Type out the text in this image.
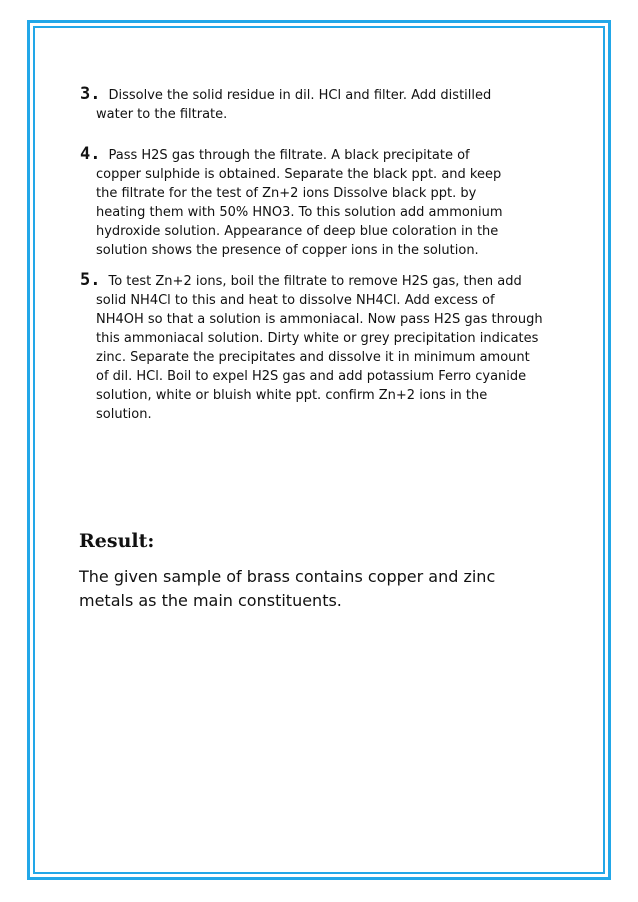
3. Dissolve the solid residue in dil. HCl and filter. Add distilled
water to the filtrate.
4. Pass H2S gas through the filtrate. A black precipitate of
copper sulphide is obtained. Separate the black ppt. and keep
the filtrate for the test of Zn+2 ions Dissolve black ppt. by
heating them with 50% HNO3. To this solution add ammonium
hydroxide solution. Appearance of deep blue coloration in the
solution shows the presence of copper ions in the solution.
5. To test Zn+2 ions, boil the filtrate to remove H2S gas, then add
solid NH4Cl to this and heat to dissolve NH4Cl. Add excess of
NH4OH so that a solution is ammoniacal. Now pass H2S gas through
this ammoniacal solution. Dirty white or grey precipitation indicates
zinc. Separate the precipitates and dissolve it in minimum amount
of dil. HCl. Boil to expel H2S gas and add potassium Ferro cyanide
solution, white or bluish white ppt. confirm Zn+2 ions in the
solution.
Result:
The given sample of brass contains copper and zinc metals as the main constituents.
